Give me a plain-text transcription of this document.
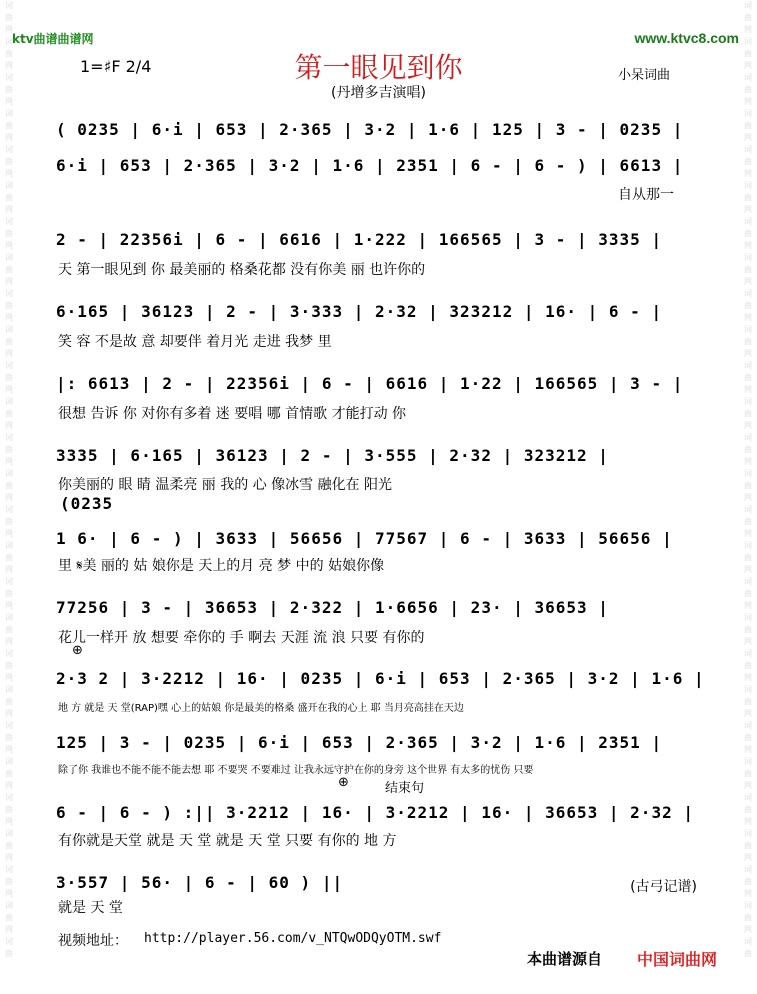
词
曲
网
词
曲
网
词
曲
网
词
曲
网
词
曲
网
词
曲
网
词
曲
网
词
曲
网
词
曲
网
词
曲
网
词
曲
网
词
曲
网
词
曲
网
词
曲
网
词
曲
网
词
曲
网
词
曲
网
词
曲
网
词
曲
网
词
曲
网
词
曲
网
词
曲
网
词
曲
网
词
曲
网
词
曲
网
词
曲
网
词
曲
词
曲
网
词
曲
网
词
曲
网
词
曲
网
词
曲
网
词
曲
网
词
曲
网
词
曲
网
词
曲
网
词
曲
网
词
曲
网
词
曲
网
词
曲
网
词
曲
网
词
曲
网
词
曲
网
词
曲
网
词
曲
网
词
曲
网
词
曲
网
词
曲
网
词
曲
网
词
曲
网
词
曲
网
词
曲
网
词
曲
网
词
曲
ktv曲谱曲谱网	www.ktvc8.com
1=♯F 2/4	第一眼见到你
(丹增多吉演唱)
小呆词曲
( 0235 | 6·i | 653 | 2·365 | 3·2 | 1·6 | 125 | 3 - | 0235 |
6·i | 653 | 2·365 | 3·2 | 1·6 | 2351 | 6 - | 6 - ) | 6613 |
自从那一
2 - | 22356i | 6 - | 6616 | 1·222 | 166565 | 3 - | 3335 |
天 第一眼见到 你 最美丽的 格桑花都 没有你美 丽 也许你的
6·165 | 36123 | 2 - | 3·333 | 2·32 | 323212 | 16· | 6 - |
笑 容 不是故 意 却要伴 着月光 走进 我梦 里
|: 6613 | 2 - | 22356i | 6 - | 6616 | 1·22 | 166565 | 3 - |
很想 告诉 你 对你有多着 迷 要唱 哪 首情歌 才能打动 你
3335 | 6·165 | 36123 | 2 - | 3·555 | 2·32 | 323212 |
你美丽的 眼 睛 温柔亮 丽 我的 心 像冰雪 融化在 阳光
(0235
1 6· | 6 - ) | 3633 | 56656 | 77567 | 6 - | 3633 | 56656 |
里 𝄋美 丽的 姑 娘你是 天上的月 亮 梦 中的 姑娘你像
77256 | 3 - | 36653 | 2·322 | 1·6656 | 23· | 36653 |
花儿一样开 放 想要 牵你的 手 啊去 天涯 流 浪 只要 有你的
⊕
2·3 2 | 3·2212 | 16· | 0235 | 6·i | 653 | 2·365 | 3·2 | 1·6 |
地 方 就是 天 堂(RAP)嘿 心上的姑娘 你是最美的格桑 盛开在我的心上 耶 当月亮高挂在天边
125 | 3 - | 0235 | 6·i | 653 | 2·365 | 3·2 | 1·6 | 2351 |
除了你 我谁也不能不能不能去想 耶 不要哭 不要难过 让我永远守护在你的身旁 这个世界 有太多的忧伤 只要
⊕	结束句
6 - | 6 - ) :|| 3·2212 | 16· | 3·2212 | 16· | 36653 | 2·32 |
有你就是天堂 就是 天 堂 就是 天 堂 只要 有你的 地 方
3·557 | 56· | 6 - | 60 ) ||
就是 天 堂
(古弓记谱)
视频地址： http://player.56.com/v_NTQwODQyOTM.swf
本曲谱源自 中国词曲网
